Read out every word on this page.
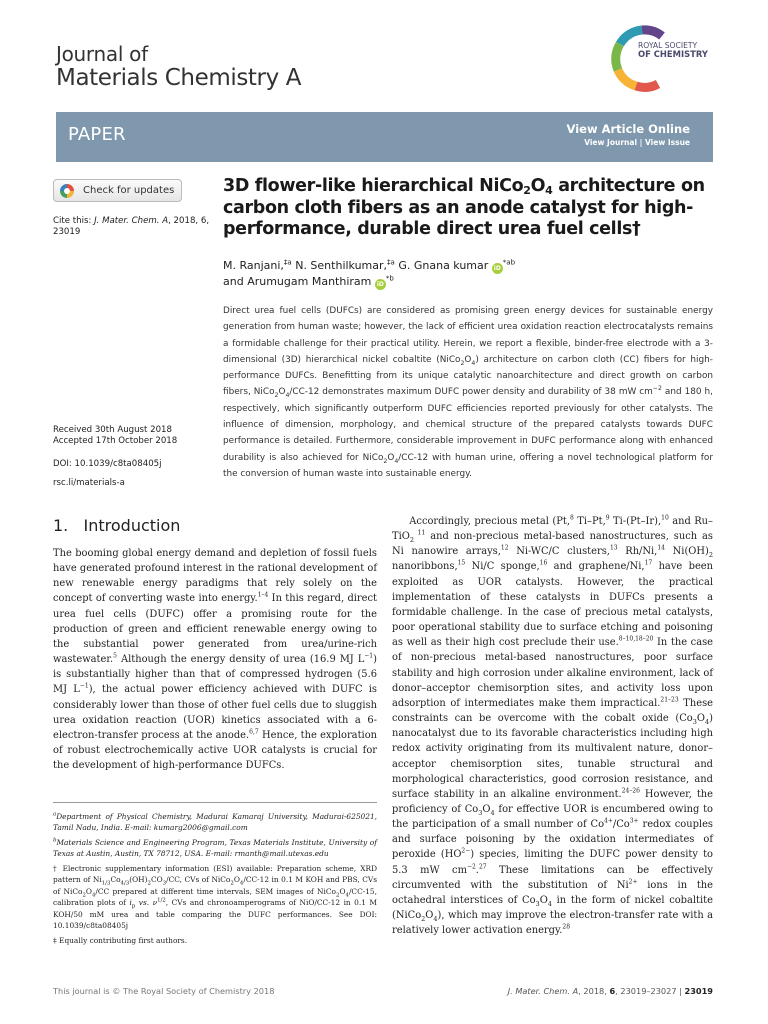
Journal of
Materials Chemistry A
ROYAL SOCIETY
OF CHEMISTRY
PAPER	View Article Online
View Journal | View Issue
Check for updates
Cite this: J. Mater. Chem. A, 2018, 6, 23019
Received 30th August 2018
Accepted 17th October 2018
DOI: 10.1039/c8ta08405j
rsc.li/materials-a
3D flower-like hierarchical $NiCo_2O_4$ architecture on carbon cloth fibers as an anode catalyst for high-performance, durable direct urea fuel cells†
M. Ranjani,$^{\ddagger a}$ N. Senthilkumar,$^{\ddagger a}$ G. Gnana kumar $iD^{*ab}$
and Arumugam Manthiram $iD^{*b}$
Direct urea fuel cells (DUFCs) are considered as promising green energy devices for sustainable energy generation from human waste; however, the lack of efficient urea oxidation reaction electrocatalysts remains a formidable challenge for their practical utility. Herein, we report a flexible, binder-free electrode with a 3-dimensional (3D) hierarchical nickel cobaltite $(NiCo_2O_4)$ architecture on carbon cloth (CC) fibers for high-performance DUFCs. Benefitting from its unique catalytic nanoarchitecture and direct growth on carbon fibers, $NiCo_2O_4/CC-12$ demonstrates maximum DUFC power density and durability of 38 mW $cm^{-2}$ and 180 h, respectively, which significantly outperform DUFC efficiencies reported previously for other catalysts. The influence of dimension, morphology, and chemical structure of the prepared catalysts towards DUFC performance is detailed. Furthermore, considerable improvement in DUFC performance along with enhanced durability is also achieved for $NiCo_2O_4/CC-12$ with human urine, offering a novel technological platform for the conversion of human waste into sustainable energy.
1. Introduction
The booming global energy demand and depletion of fossil fuels have generated profound interest in the rational development of new renewable energy paradigms that rely solely on the concept of converting waste into energy.$^{1-4}$ In this regard, direct urea fuel cells (DUFC) offer a promising route for the production of green and efficient renewable energy owing to the substantial power generated from urea/urine-rich wastewater.$^5$ Although the energy density of urea (16.9 MJ $L^{-1}$) is substantially higher than that of compressed hydrogen (5.6 MJ $L^{-1}$), the actual power efficiency achieved with DUFC is considerably lower than those of other fuel cells due to sluggish urea oxidation reaction (UOR) kinetics associated with a 6-electron-transfer process at the anode.$^{6,7}$ Hence, the exploration of robust electrochemically active UOR catalysts is crucial for the development of high-performance DUFCs.
Accordingly, precious metal (Pt,$^8$ Ti–Pt,$^9$ Ti-(Pt–Ir),$^{10}$ and Ru–TiO$_2$ $^{11}$ and non-precious metal-based nanostructures, such as Ni nanowire arrays,$^{12}$ Ni-WC/C clusters,$^{13}$ Rh/Ni,$^{14}$ $Ni(OH)_2$ nanoribbons,$^{15}$ Ni/C sponge,$^{16}$ and graphene/Ni,$^{17}$ have been exploited as UOR catalysts. However, the practical implementation of these catalysts in DUFCs presents a formidable challenge. In the case of precious metal catalysts, poor operational stability due to surface etching and poisoning as well as their high cost preclude their use.$^{8-10,18-20}$ In the case of non-precious metal-based nanostructures, poor surface stability and high corrosion under alkaline environment, lack of donor–acceptor chemisorption sites, and activity loss upon adsorption of intermediates make them impractical.$^{21-23}$ These constraints can be overcome with the cobalt oxide $(Co_3O_4)$ nanocatalyst due to its favorable characteristics including high redox activity originating from its multivalent nature, donor–acceptor chemisorption sites, tunable structural and morphological characteristics, good corrosion resistance, and surface stability in an alkaline environment.$^{24-26}$ However, the proficiency of $Co_3O_4$ for effective UOR is encumbered owing to the participation of a small number of $Co^{4+}/Co^{3+}$ redox couples and surface poisoning by the oxidation intermediates of peroxide $(HO^{2-})$ species, limiting the DUFC power density to 5.3 mW $cm^{-2}.^{27}$ These limitations can be effectively circumvented with the substitution of $Ni^{2+}$ ions in the octahedral interstices of $Co_3O_4$ in the form of nickel cobaltite $(NiCo_2O_4)$, which may improve the electron-transfer rate with a relatively lower activation energy.$^{28}$

$^a$Department of Physical Chemistry, Madurai Kamaraj University, Madurai-625021, Tamil Nadu, India. E-mail: kumarg2006@gmail.com

$^b$Materials Science and Engineering Program, Texas Materials Institute, University of Texas at Austin, Austin, TX 78712, USA. E-mail: rmanth@mail.utexas.edu

† Electronic supplementary information (ESI) available: Preparation scheme, XRD pattern of $Ni_{1/3}Co_{4/3}(OH)_2CO_3/CC$, CVs of $NiCo_2O_4/CC-12$ in 0.1 M KOH and PBS, CVs of $NiCo_2O_4/CC$ prepared at different time intervals, SEM images of $NiCo_2O_4/CC-15$, calibration plots of $i_p$ vs. $\nu^{1/2}$, CVs and chronoamperograms of NiO/CC-12 in 0.1 M KOH/50 mM urea and table comparing the DUFC performances. See DOI: 10.1039/c8ta08405j

‡ Equally contributing first authors.

This journal is © The Royal Society of Chemistry 2018	J. Mater. Chem. A, 2018, 6, 23019–23027 | 23019
